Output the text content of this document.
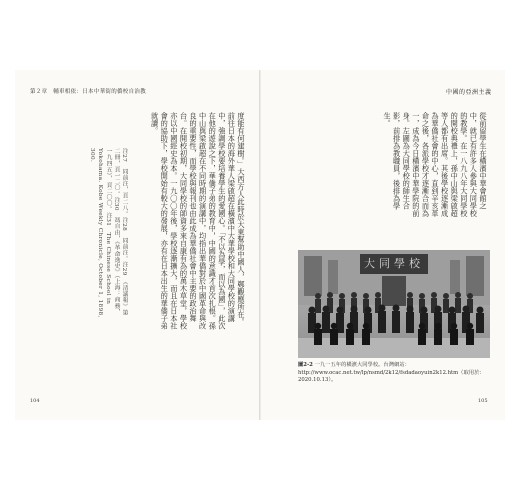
第２章　輔車相依：日本中華街的僑校自治教	中國的亞洲主義
度能有何建樹。」大西方人此時於大東幫助中國人，鄭觀應所在。前往日本的海外華人梁啟超在橫濱中大華學校和大同學校的演講中，強調學校要培養學生的愛國心。「不以為學，而以為國」，此次在他的遊說之下，華僑子弟的教育中，中國的意識才首次扎根。孫中山與梁啟超在不同時期的演講中，均指出華僑對於中國革命與改良的重要性，而學校與報刊也由此成為華僑社會中主要的政治舞台。在開校初期，大同學校的師資多來自康有為的萬木草堂，學校亦以中國經史為本。一九〇〇年後，學校逐漸擴大，而且在日本社會的協助下，學校開始有較大的發展，亦有在日本出生的華僑子弟就讀。
注27　同前注，頁二八。注28　同前注。注29　《清議報》第二冊，頁一二〇。注30　馮自由，《革命逸史》（上海：商務，一九四五），頁二〇〇。注31　The Chinese School in Yokohama. Kobe Weekly Chronicle, October 1, 1898, 300.	從前留學生在橫濱中華會館之中，就已有許多人參與大同學校的教學。在一八九八年大同學校的開校典禮上，孫中山與梁啟超等人都有出席。其後學校逐漸成為華僑社會的中心，直到辛亥革命之後，各派學校才逐漸合而為一，成為今日橫濱中華學院的前身。左圖為大同學校的師生合影，前排為教職員，後排為學生。
大同學校
圖2-2 一九一五年的橫濱大同學校。台灣網站：http://www.ocac.net.tw/lp/nsmd/2k12/fsdadaoyuin2k12.htm（取用於：2020.10.13）。
104	105
